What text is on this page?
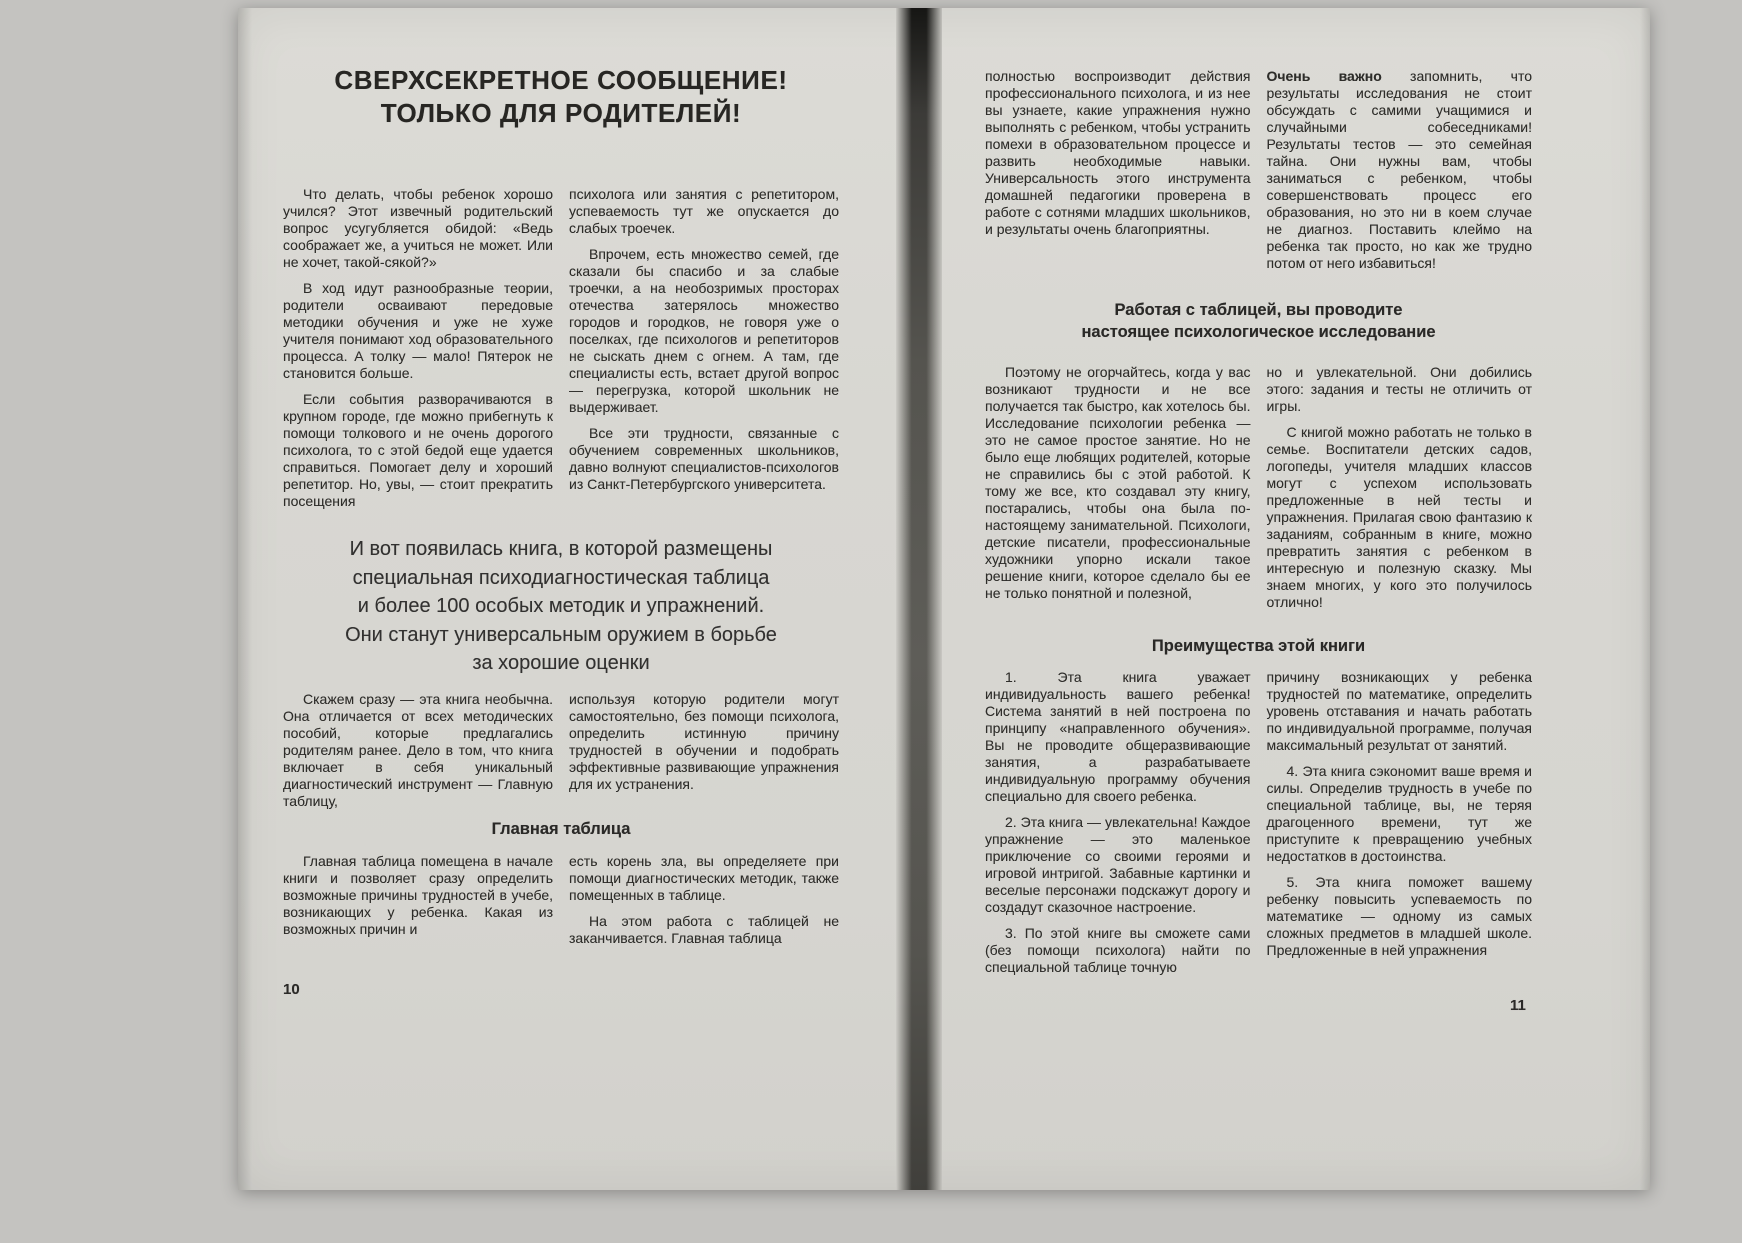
СВЕРХСЕКРЕТНОЕ СООБЩЕНИЕ!
ТОЛЬКО ДЛЯ РОДИТЕЛЕЙ!

Что делать, чтобы ребенок хорошо учился? Этот извечный родительский вопрос усугубляется обидой: «Ведь соображает же, а учиться не может. Или не хочет, такой-сякой?»

В ход идут разнообразные теории, родители осваивают передовые методики обучения и уже не хуже учителя понимают ход образовательного процесса. А толку — мало! Пятерок не становится больше.

Если события разворачиваются в крупном городе, где можно прибегнуть к помощи толкового и не очень дорогого психолога, то с этой бедой еще удается справиться. Помогает делу и хороший репетитор. Но, увы, — стоит прекратить посещения

психолога или занятия с репетитором, успеваемость тут же опускается до слабых троечек.

Впрочем, есть множество семей, где сказали бы спасибо и за слабые троечки, а на необозримых просторах отечества затерялось множество городов и городков, не говоря уже о поселках, где психологов и репетиторов не сыскать днем с огнем. А там, где специалисты есть, встает другой вопрос — перегрузка, которой школьник не выдерживает.

Все эти трудности, связанные с обучением современных школьников, давно волнуют специалистов-психологов из Санкт-Петербургского университета.

И вот появилась книга, в которой размещены
специальная психодиагностическая таблица
и более 100 особых методик и упражнений.
Они станут универсальным оружием в борьбе
за хорошие оценки

Скажем сразу — эта книга необычна. Она отличается от всех методических пособий, которые предлагались родителям ранее. Дело в том, что книга включает в себя уникальный диагностический инструмент — Главную таблицу,

используя которую родители могут самостоятельно, без помощи психолога, определить истинную причину трудностей в обучении и подобрать эффективные развивающие упражнения для их устранения.

Главная таблица

Главная таблица помещена в начале книги и позволяет сразу определить возможные причины трудностей в учебе, возникающих у ребенка. Какая из возможных причин и

есть корень зла, вы определяете при помощи диагностических методик, также помещенных в таблице.

На этом работа с таблицей не заканчивается. Главная таблица

10

полностью воспроизводит действия профессионального психолога, и из нее вы узнаете, какие упражнения нужно выполнять с ребенком, чтобы устранить помехи в образовательном процессе и развить необходимые навыки. Универсальность этого инструмента домашней педагогики проверена в работе с сотнями младших школьников, и результаты очень благоприятны.

Очень важно запомнить, что результаты исследования не стоит обсуждать с самими учащимися и случайными собеседниками! Результаты тестов — это семейная тайна. Они нужны вам, чтобы заниматься с ребенком, чтобы совершенствовать процесс его образования, но это ни в коем случае не диагноз. Поставить клеймо на ребенка так просто, но как же трудно потом от него избавиться!

Работая с таблицей, вы проводите
настоящее психологическое исследование

Поэтому не огорчайтесь, когда у вас возникают трудности и не все получается так быстро, как хотелось бы. Исследование психологии ребенка — это не самое простое занятие. Но не было еще любящих родителей, которые не справились бы с этой работой. К тому же все, кто создавал эту книгу, постарались, чтобы она была по-настоящему занимательной. Психологи, детские писатели, профессиональные художники упорно искали такое решение книги, которое сделало бы ее не только понятной и полезной,

но и увлекательной. Они добились этого: задания и тесты не отличить от игры.

С книгой можно работать не только в семье. Воспитатели детских садов, логопеды, учителя младших классов могут с успехом использовать предложенные в ней тесты и упражнения. Прилагая свою фантазию к заданиям, собранным в книге, можно превратить занятия с ребенком в интересную и полезную сказку. Мы знаем многих, у кого это получилось отлично!

Преимущества этой книги

1. Эта книга уважает индивидуальность вашего ребенка! Система занятий в ней построена по принципу «направленного обучения». Вы не проводите общеразвивающие занятия, а разрабатываете индивидуальную программу обучения специально для своего ребенка.

2. Эта книга — увлекательна! Каждое упражнение — это маленькое приключение со своими героями и игровой интригой. Забавные картинки и веселые персонажи подскажут дорогу и создадут сказочное настроение.

3. По этой книге вы сможете сами (без помощи психолога) найти по специальной таблице точную

причину возникающих у ребенка трудностей по математике, определить уровень отставания и начать работать по индивидуальной программе, получая максимальный результат от занятий.

4. Эта книга сэкономит ваше время и силы. Определив трудность в учебе по специальной таблице, вы, не теряя драгоценного времени, тут же приступите к превращению учебных недостатков в достоинства.

5. Эта книга поможет вашему ребенку повысить успеваемость по математике — одному из самых сложных предметов в младшей школе. Предложенные в ней упражнения

11
